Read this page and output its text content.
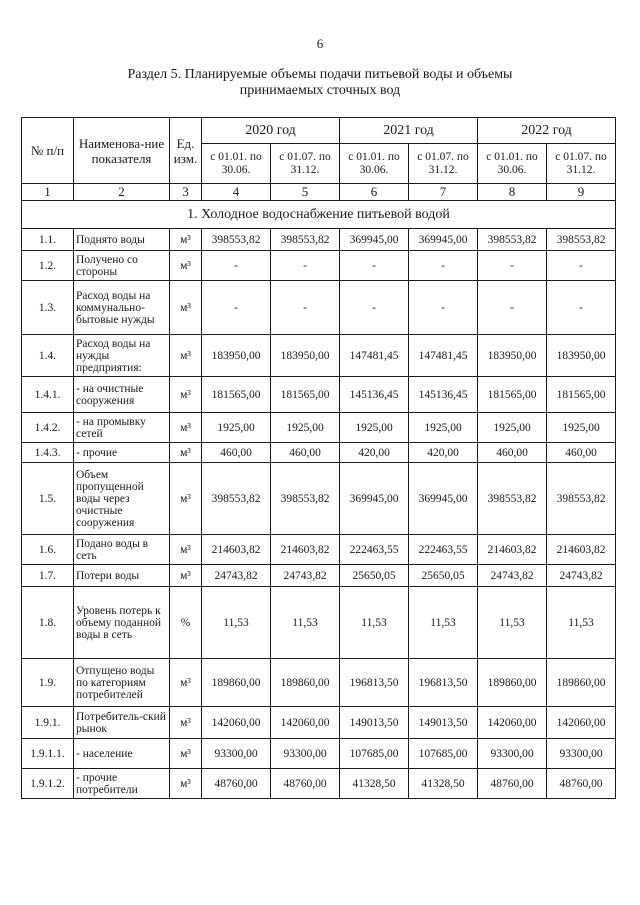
6
Раздел 5. Планируемые объемы подачи питьевой воды и объемы
принимаемых сточных вод
№ п/п	Наименова-ние показателя	Ед. изм.	2020 год		2021 год		2022 год	
			с 01.01. по 30.06.	с 01.07. по 31.12.	с 01.01. по 30.06.	с 01.07. по 31.12.	с 01.01. по 30.06.	с 01.07. по 31.12.
1	2	3	4	5	6	7	8	9
1. Холодное водоснабжение питьевой водой								
1.1.	Поднято воды	м³	398553,82	398553,82	369945,00	369945,00	398553,82	398553,82
1.2.	Получено со стороны	м³	-	-	-	-	-	-
1.3.	Расход воды на коммунально-бытовые нужды	м³	-	-	-	-	-	-
1.4.	Расход воды на нужды предприятия:	м³	183950,00	183950,00	147481,45	147481,45	183950,00	183950,00
1.4.1.	- на очистные сооружения	м³	181565,00	181565,00	145136,45	145136,45	181565,00	181565,00
1.4.2.	- на промывку сетей	м³	1925,00	1925,00	1925,00	1925,00	1925,00	1925,00
1.4.3.	- прочие	м³	460,00	460,00	420,00	420,00	460,00	460,00
1.5.	Объем пропущенной воды через очистные сооружения	м³	398553,82	398553,82	369945,00	369945,00	398553,82	398553,82
1.6.	Подано воды в сеть	м³	214603,82	214603,82	222463,55	222463,55	214603,82	214603,82
1.7.	Потери воды	м³	24743,82	24743,82	25650,05	25650,05	24743,82	24743,82
1.8.	Уровень потерь к объему поданной воды в сеть	%	11,53	11,53	11,53	11,53	11,53	11,53
1.9.	Отпущено воды по категориям потребителей	м³	189860,00	189860,00	196813,50	196813,50	189860,00	189860,00
1.9.1.	Потребитель-ский рынок	м³	142060,00	142060,00	149013,50	149013,50	142060,00	142060,00
1.9.1.1.	- население	м³	93300,00	93300,00	107685,00	107685,00	93300,00	93300,00
1.9.1.2.	- прочие потребители	м³	48760,00	48760,00	41328,50	41328,50	48760,00	48760,00
